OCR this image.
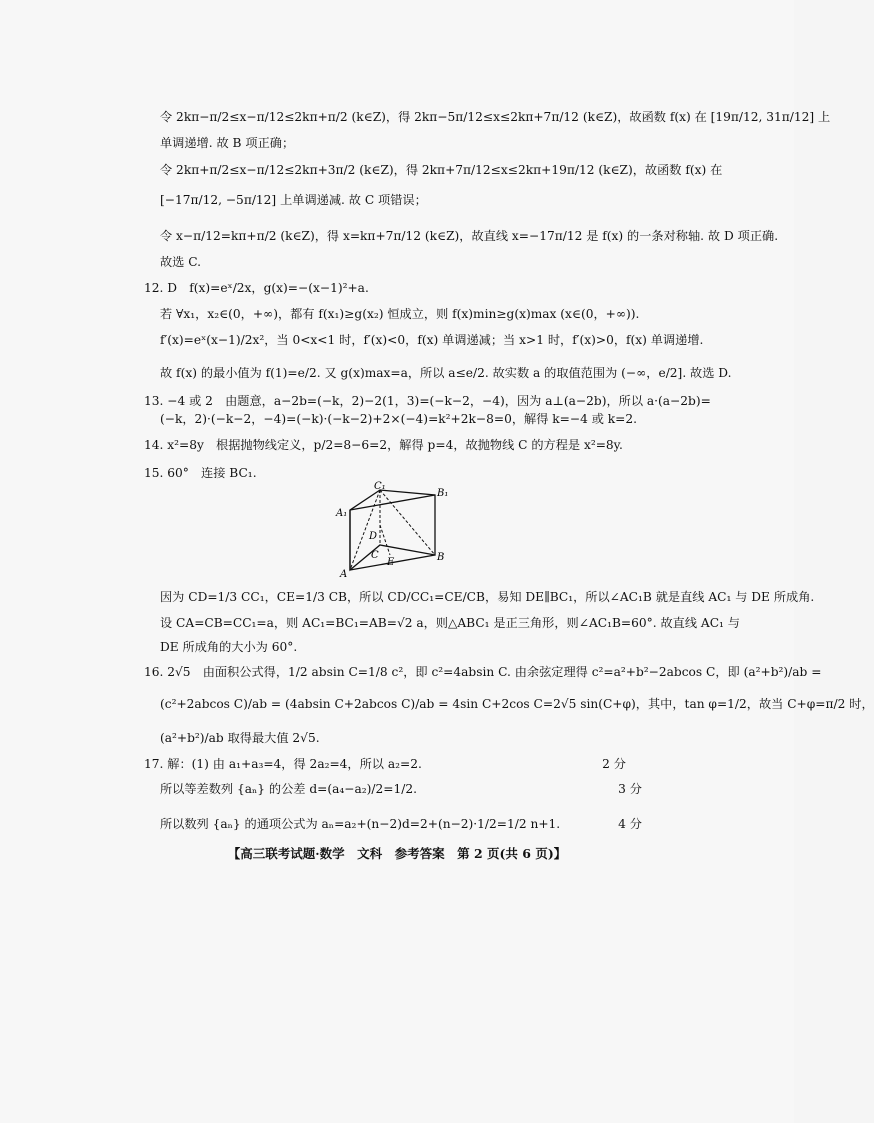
令 2kπ−π/2≤x−π/12≤2kπ+π/2 (k∈Z)，得 2kπ−5π/12≤x≤2kπ+7π/12 (k∈Z)，故函数 f(x) 在 [19π/12, 31π/12] 上
单调递增. 故 B 项正确；
令 2kπ+π/2≤x−π/12≤2kπ+3π/2 (k∈Z)，得 2kπ+7π/12≤x≤2kπ+19π/12 (k∈Z)，故函数 f(x) 在
[−17π/12, −5π/12] 上单调递减. 故 C 项错误；
令 x−π/12=kπ+π/2 (k∈Z)，得 x=kπ+7π/12 (k∈Z)，故直线 x=−17π/12 是 f(x) 的一条对称轴. 故 D 项正确.
故选 C.
12. D　f(x)=eˣ/2x，g(x)=−(x−1)²+a.
若 ∀x₁，x₂∈(0，+∞)，都有 f(x₁)≥g(x₂) 恒成立，则 f(x)min≥g(x)max (x∈(0，+∞)).
f′(x)=eˣ(x−1)/2x²，当 0<x<1 时，f′(x)<0，f(x) 单调递减；当 x>1 时，f′(x)>0，f(x) 单调递增.
故 f(x) 的最小值为 f(1)=e/2. 又 g(x)max=a，所以 a≤e/2. 故实数 a 的取值范围为 (−∞，e/2]. 故选 D.
13. −4 或 2　由题意，a−2b=(−k，2)−2(1，3)=(−k−2，−4)，因为 a⊥(a−2b)，所以 a·(a−2b)=
(−k，2)·(−k−2，−4)=(−k)·(−k−2)+2×(−4)=k²+2k−8=0，解得 k=−4 或 k=2.
14. x²=8y　根据抛物线定义，p/2=8−6=2，解得 p=4，故抛物线 C 的方程是 x²=8y.
15. 60°　连接 BC₁.
C₁
B₁
A₁
D
C
E
A
B
因为 CD=1/3 CC₁，CE=1/3 CB，所以 CD/CC₁=CE/CB，易知 DE∥BC₁，所以∠AC₁B 就是直线 AC₁ 与 DE 所成角.
设 CA=CB=CC₁=a，则 AC₁=BC₁=AB=√2 a，则△ABC₁ 是正三角形，则∠AC₁B=60°. 故直线 AC₁ 与
DE 所成角的大小为 60°.
16. 2√5　由面积公式得，1/2 absin C=1/8 c²，即 c²=4absin C. 由余弦定理得 c²=a²+b²−2abcos C，即 (a²+b²)/ab =
(c²+2abcos C)/ab = (4absin C+2abcos C)/ab = 4sin C+2cos C=2√5 sin(C+φ)，其中，tan φ=1/2，故当 C+φ=π/2 时，
(a²+b²)/ab 取得最大值 2√5.
17. 解：(1) 由 a₁+a₃=4，得 2a₂=4，所以 a₂=2.	2 分
所以等差数列 {aₙ} 的公差 d=(a₄−a₂)/2=1/2.	3 分
所以数列 {aₙ} 的通项公式为 aₙ=a₂+(n−2)d=2+(n−2)·1/2=1/2 n+1.	4 分
【高三联考试题·数学　文科　参考答案　第 2 页(共 6 页)】
